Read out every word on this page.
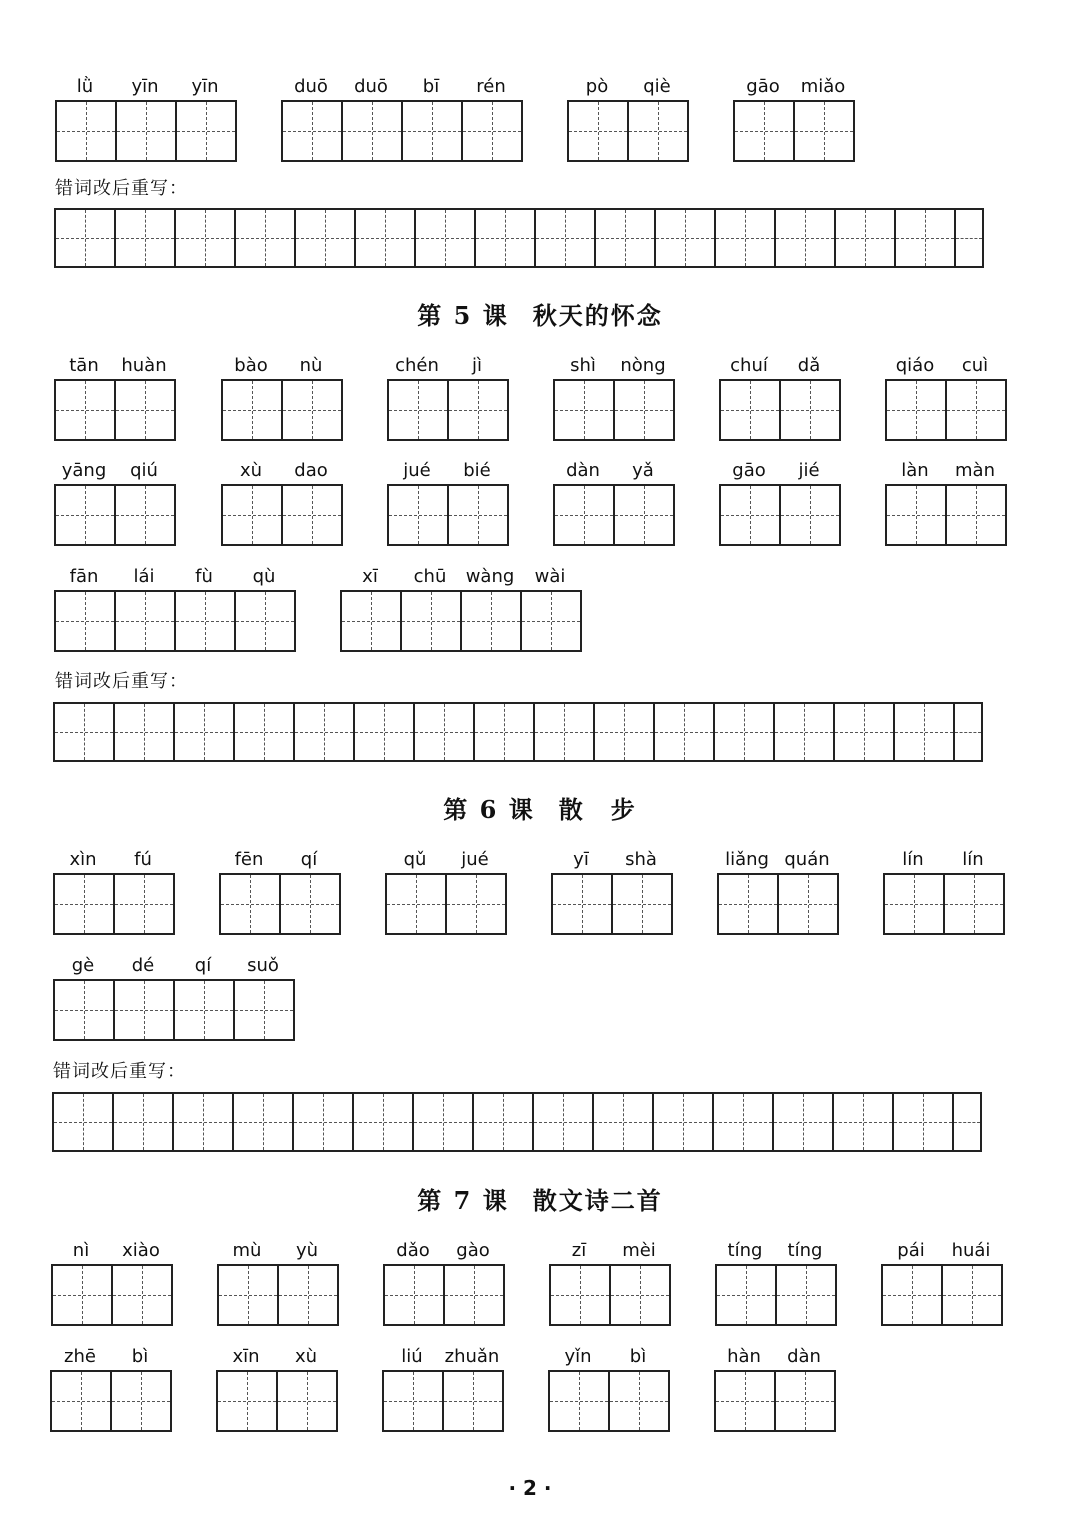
lǜ	yīn	yīn	duō	duō	bī	rén	pò	qiè	gāo	miǎo
错词改后重写：
第 5 课 秋天的怀念
tān	huàn	bào	nù	chén	jì	shì	nòng	chuí	dǎ	qiáo	cuì
yāng	qiú	xù	dao	jué	bié	dàn	yǎ	gāo	jié	làn	màn
fān	lái	fù	qù	xī	chū	wàng	wài
错词改后重写：
第 6 课 散　步
xìn	fú	fēn	qí	qǔ	jué	yī	shà	liǎng quán	lín	lín
gè	dé	qí	suǒ
错词改后重写：
第 7 课 散文诗二首
nì	xiào	mù	yù	dǎo	gào	zī	mèi	tíng	tíng	pái	huái
zhē	bì	xīn	xù	liú	zhuǎn	yǐn	bì	hàn	dàn
· 2 ·
